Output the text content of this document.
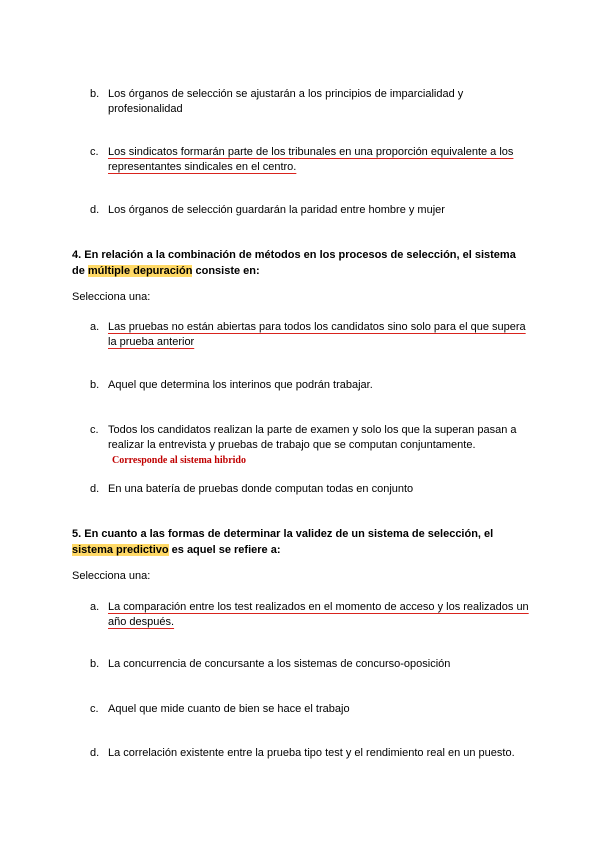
b. Los órganos de selección se ajustarán a los principios de imparcialidad y profesionalidad
c. Los sindicatos formarán parte de los tribunales en una proporción equivalente a los representantes sindicales en el centro.
d. Los órganos de selección guardarán la paridad entre hombre y mujer
4. En relación a la combinación de métodos en los procesos de selección, el sistema de múltiple depuración consiste en:
Selecciona una:
a. Las pruebas no están abiertas para todos los candidatos sino solo para el que supera la prueba anterior
b. Aquel que determina los interinos que podrán trabajar.
c. Todos los candidatos realizan la parte de examen y solo los que la superan pasan a realizar la entrevista y pruebas de trabajo que se computan conjuntamente.
Corresponde al sistema hibrido
d. En una batería de pruebas donde computan todas en conjunto
5. En cuanto a las formas de determinar la validez de un sistema de selección, el sistema predictivo es aquel se refiere a:
Selecciona una:
a. La comparación entre los test realizados en el momento de acceso y los realizados un año después.
b. La concurrencia de concursante a los sistemas de concurso-oposición
c. Aquel que mide cuanto de bien se hace el trabajo
d. La correlación existente entre la prueba tipo test y el rendimiento real en un puesto.
